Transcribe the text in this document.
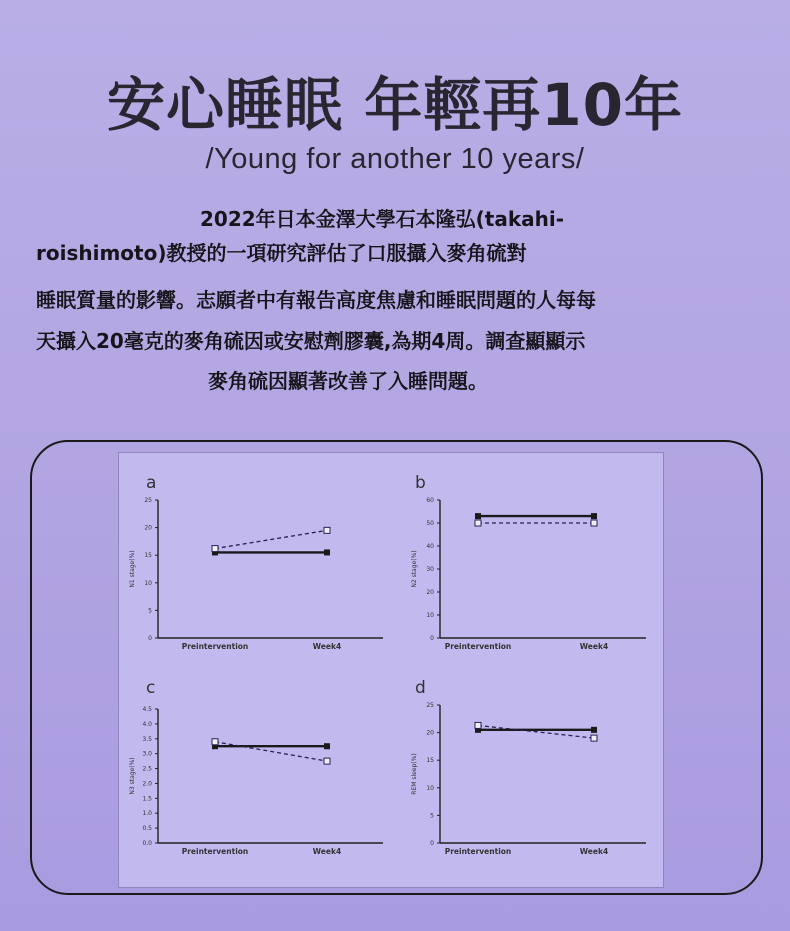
安心睡眠 年輕再10年
/Young for another 10 years/
2022年日本金澤大學石本隆弘(takahi-
roishimoto)教授的一項研究評估了口服攝入麥角硫對
睡眠質量的影響。志願者中有報告高度焦慮和睡眠問題的人每每
天攝入20毫克的麥角硫因或安慰劑膠囊,為期4周。調查顯顯示
麥角硫因顯著改善了入睡問題。
a
0
5
10
15
20
25
N1 stage(%)
Preintervention	Week4
b
0
10
20
30
40
50
60
N2 stage(%)
Preintervention	Week4
c
0.0
0.5
1.0
1.5
2.0
2.5
3.0
3.5
4.0
4.5
N3 stage(%)
Preintervention	Week4
d
0
5
10
15
20
25
REM sleep(%)
Preintervention	Week4
